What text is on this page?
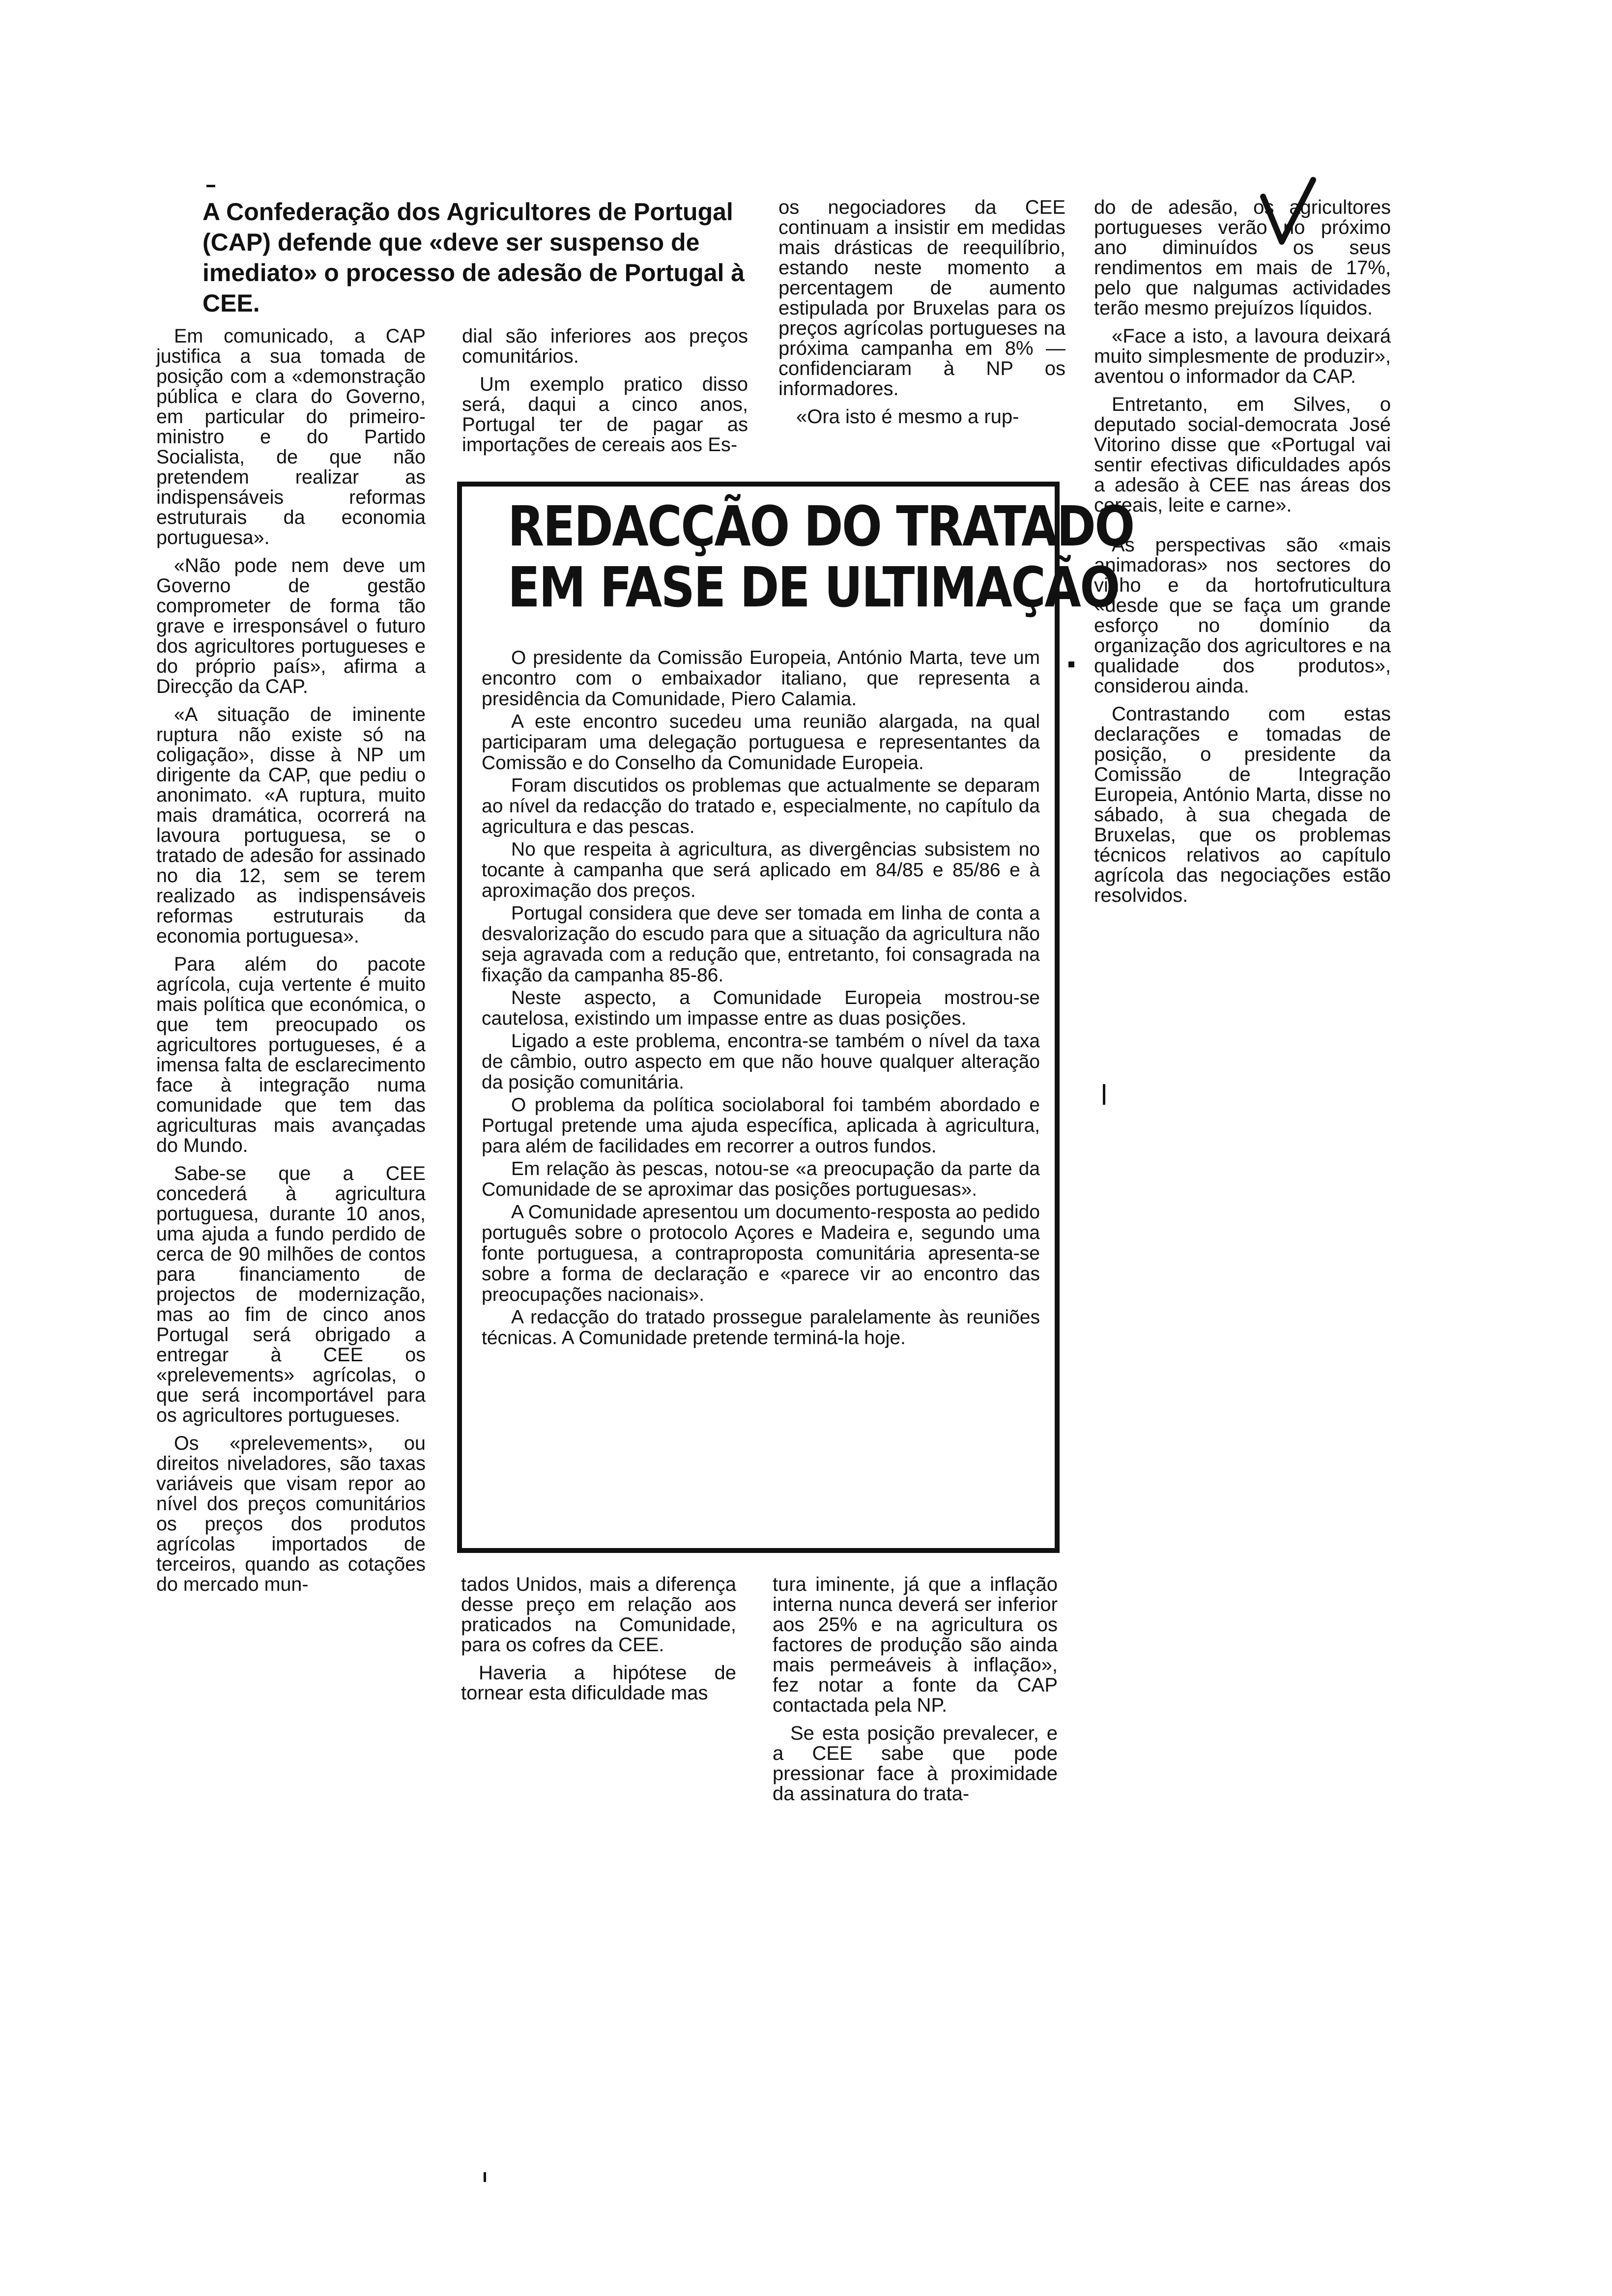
A Confederação dos Agricultores de Portugal (CAP) defende que «deve ser suspenso de imediato» o processo de adesão de Portugal à CEE.

Em comunicado, a CAP justifica a sua tomada de posição com a «demonstração pública e clara do Governo, em particular do primeiro-ministro e do Partido Socialista, de que não pretendem realizar as indispensáveis reformas estruturais da economia portuguesa».

«Não pode nem deve um Governo de gestão comprometer de forma tão grave e irresponsável o futuro dos agricultores portugueses e do próprio país», afirma a Direcção da CAP.

«A situação de iminente ruptura não existe só na coligação», disse à NP um dirigente da CAP, que pediu o anonimato. «A ruptura, muito mais dramática, ocorrerá na lavoura portuguesa, se o tratado de adesão for assinado no dia 12, sem se terem realizado as indispensáveis reformas estruturais da economia portuguesa».

Para além do pacote agrícola, cuja vertente é muito mais política que económica, o que tem preocupado os agricultores portugueses, é a imensa falta de esclarecimento face à integração numa comunidade que tem das agriculturas mais avançadas do Mundo.

Sabe-se que a CEE concederá à agricultura portuguesa, durante 10 anos, uma ajuda a fundo perdido de cerca de 90 milhões de contos para financiamento de projectos de modernização, mas ao fim de cinco anos Portugal será obrigado a entregar à CEE os «prelevements» agrícolas, o que será incomportável para os agricultores portugueses.

Os «prelevements», ou direitos niveladores, são taxas variáveis que visam repor ao nível dos preços comunitários os preços dos produtos agrícolas importados de terceiros, quando as cotações do mercado mun-

dial são inferiores aos preços comunitários.

Um exemplo pratico disso será, daqui a cinco anos, Portugal ter de pagar as importações de cereais aos Es-

os negociadores da CEE continuam a insistir em medidas mais drásticas de reequilíbrio, estando neste momento a percentagem de aumento estipulada por Bruxelas para os preços agrícolas portugueses na próxima campanha em 8% — confidenciaram à NP os informadores.

«Ora isto é mesmo a rup-

do de adesão, os agricultores portugueses verão no próximo ano diminuídos os seus rendimentos em mais de 17%, pelo que nalgumas actividades terão mesmo prejuízos líquidos.

«Face a isto, a lavoura deixará muito simplesmente de produzir», aventou o informador da CAP.

Entretanto, em Silves, o deputado social-democrata José Vitorino disse que «Portugal vai sentir efectivas dificuldades após a adesão à CEE nas áreas dos cereais, leite e carne».

As perspectivas são «mais animadoras» nos sectores do vinho e da hortofruticultura «desde que se faça um grande esforço no domínio da organização dos agricultores e na qualidade dos produtos», considerou ainda.

Contrastando com estas declarações e tomadas de posição, o presidente da Comissão de Integração Europeia, António Marta, disse no sábado, à sua chegada de Bruxelas, que os problemas técnicos relativos ao capítulo agrícola das negociações estão resolvidos.

REDACÇÃO DO TRATADO
EM FASE DE ULTIMAÇÃO

O presidente da Comissão Europeia, António Marta, teve um encontro com o embaixador italiano, que representa a presidência da Comunidade, Piero Calamia.

A este encontro sucedeu uma reunião alargada, na qual participaram uma delegação portuguesa e representantes da Comissão e do Conselho da Comunidade Europeia.

Foram discutidos os problemas que actualmente se deparam ao nível da redacção do tratado e, especialmente, no capítulo da agricultura e das pescas.

No que respeita à agricultura, as divergências subsistem no tocante à campanha que será aplicado em 84/85 e 85/86 e à aproximação dos preços.

Portugal considera que deve ser tomada em linha de conta a desvalorização do escudo para que a situação da agricultura não seja agravada com a redução que, entretanto, foi consagrada na fixação da campanha 85-86.

Neste aspecto, a Comunidade Europeia mostrou-se cautelosa, existindo um impasse entre as duas posições.

Ligado a este problema, encontra-se também o nível da taxa de câmbio, outro aspecto em que não houve qualquer alteração da posição comunitária.

O problema da política sociolaboral foi também abordado e Portugal pretende uma ajuda específica, aplicada à agricultura, para além de facilidades em recorrer a outros fundos.

Em relação às pescas, notou-se «a preocupação da parte da Comunidade de se aproximar das posições portuguesas».

A Comunidade apresentou um documento-resposta ao pedido português sobre o protocolo Açores e Madeira e, segundo uma fonte portuguesa, a contraproposta comunitária apresenta-se sobre a forma de declaração e «parece vir ao encontro das preocupações nacionais».

A redacção do tratado prossegue paralelamente às reuniões técnicas. A Comunidade pretende terminá-la hoje.

tados Unidos, mais a diferença desse preço em relação aos praticados na Comunidade, para os cofres da CEE.

Haveria a hipótese de tornear esta dificuldade mas

tura iminente, já que a inflação interna nunca deverá ser inferior aos 25% e na agricultura os factores de produção são ainda mais permeáveis à inflação», fez notar a fonte da CAP contactada pela NP.

Se esta posição prevalecer, e a CEE sabe que pode pressionar face à proximidade da assinatura do trata-
